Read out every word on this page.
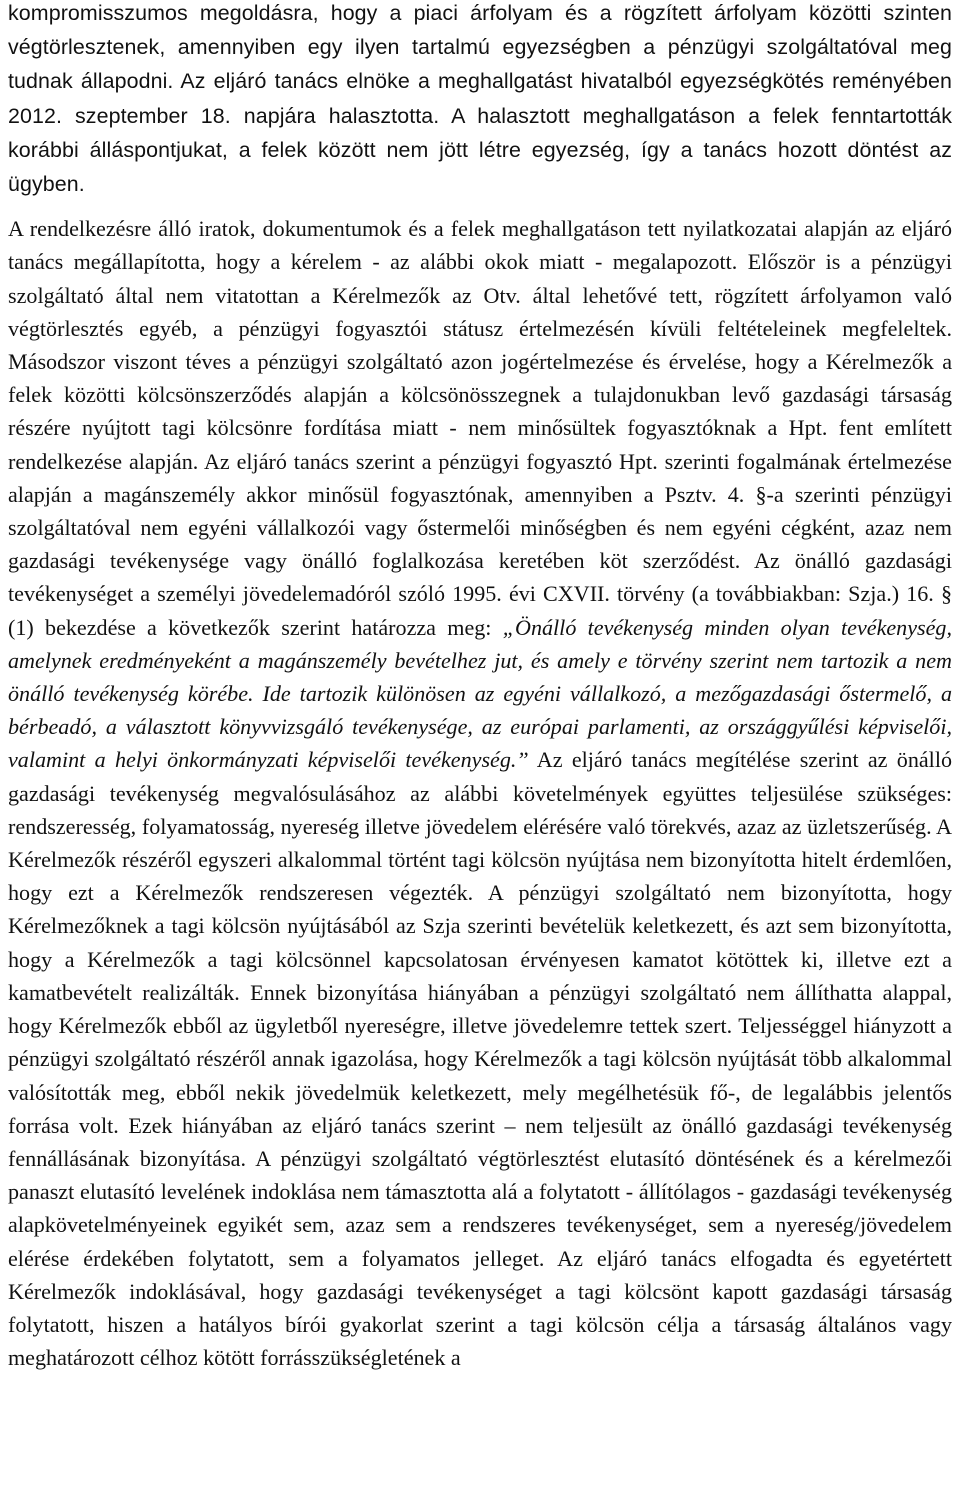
kompromisszumos megoldásra, hogy a piaci árfolyam és a rögzített árfolyam közötti szinten végtörlesztenek, amennyiben egy ilyen tartalmú egyezségben a pénzügyi szolgáltatóval meg tudnak állapodni. Az eljáró tanács elnöke a meghallgatást hivatalból egyezségkötés reményében 2012. szeptember 18. napjára halasztotta. A halasztott meghallgatáson a felek fenntartották korábbi álláspontjukat, a felek között nem jött létre egyezség, így a tanács hozott döntést az ügyben.

A rendelkezésre álló iratok, dokumentumok és a felek meghallgatáson tett nyilatkozatai alapján az eljáró tanács megállapította, hogy a kérelem - az alábbi okok miatt - megalapozott. Először is a pénzügyi szolgáltató által nem vitatottan a Kérelmezők az Otv. által lehetővé tett, rögzített árfolyamon való végtörlesztés egyéb, a pénzügyi fogyasztói státusz értelmezésén kívüli feltételeinek megfeleltek. Másodszor viszont téves a pénzügyi szolgáltató azon jogértelmezése és érvelése, hogy a Kérelmezők a felek közötti kölcsönszerződés alapján a kölcsönösszegnek a tulajdonukban levő gazdasági társaság részére nyújtott tagi kölcsönre fordítása miatt - nem minősültek fogyasztóknak a Hpt. fent említett rendelkezése alapján. Az eljáró tanács szerint a pénzügyi fogyasztó Hpt. szerinti fogalmának értelmezése alapján a magánszemély akkor minősül fogyasztónak, amennyiben a Psztv. 4. §-a szerinti pénzügyi szolgáltatóval nem egyéni vállalkozói vagy őstermelői minőségben és nem egyéni cégként, azaz nem gazdasági tevékenysége vagy önálló foglalkozása keretében köt szerződést. Az önálló gazdasági tevékenységet a személyi jövedelemadóról szóló 1995. évi CXVII. törvény (a továbbiakban: Szja.) 16. § (1) bekezdése a következők szerint határozza meg: „Önálló tevékenység minden olyan tevékenység, amelynek eredményeként a magánszemély bevételhez jut, és amely e törvény szerint nem tartozik a nem önálló tevékenység körébe. Ide tartozik különösen az egyéni vállalkozó, a mezőgazdasági őstermelő, a bérbeadó, a választott könyvvizsgáló tevékenysége, az európai parlamenti, az országgyűlési képviselői, valamint a helyi önkormányzati képviselői tevékenység.” Az eljáró tanács megítélése szerint az önálló gazdasági tevékenység megvalósulásához az alábbi követelmények együttes teljesülése szükséges: rendszeresség, folyamatosság, nyereség illetve jövedelem elérésére való törekvés, azaz az üzletszerűség. A Kérelmezők részéről egyszeri alkalommal történt tagi kölcsön nyújtása nem bizonyította hitelt érdemlően, hogy ezt a Kérelmezők rendszeresen végezték. A pénzügyi szolgáltató nem bizonyította, hogy Kérelmezőknek a tagi kölcsön nyújtásából az Szja szerinti bevételük keletkezett, és azt sem bizonyította, hogy a Kérelmezők a tagi kölcsönnel kapcsolatosan érvényesen kamatot kötöttek ki, illetve ezt a kamatbevételt realizálták. Ennek bizonyítása hiányában a pénzügyi szolgáltató nem állíthatta alappal, hogy Kérelmezők ebből az ügyletből nyereségre, illetve jövedelemre tettek szert. Teljességgel hiányzott a pénzügyi szolgáltató részéről annak igazolása, hogy Kérelmezők a tagi kölcsön nyújtását több alkalommal valósították meg, ebből nekik jövedelmük keletkezett, mely megélhetésük fő-, de legalábbis jelentős forrása volt. Ezek hiányában az eljáró tanács szerint – nem teljesült az önálló gazdasági tevékenység fennállásának bizonyítása. A pénzügyi szolgáltató végtörlesztést elutasító döntésének és a kérelmezői panaszt elutasító levelének indoklása nem támasztotta alá a folytatott - állítólagos - gazdasági tevékenység alapkövetelményeinek egyikét sem, azaz sem a rendszeres tevékenységet, sem a nyereség/jövedelem elérése érdekében folytatott, sem a folyamatos jelleget. Az eljáró tanács elfogadta és egyetértett Kérelmezők indoklásával, hogy gazdasági tevékenységet a tagi kölcsönt kapott gazdasági társaság folytatott, hiszen a hatályos bírói gyakorlat szerint a tagi kölcsön célja a társaság általános vagy meghatározott célhoz kötött forrásszükségletének a
